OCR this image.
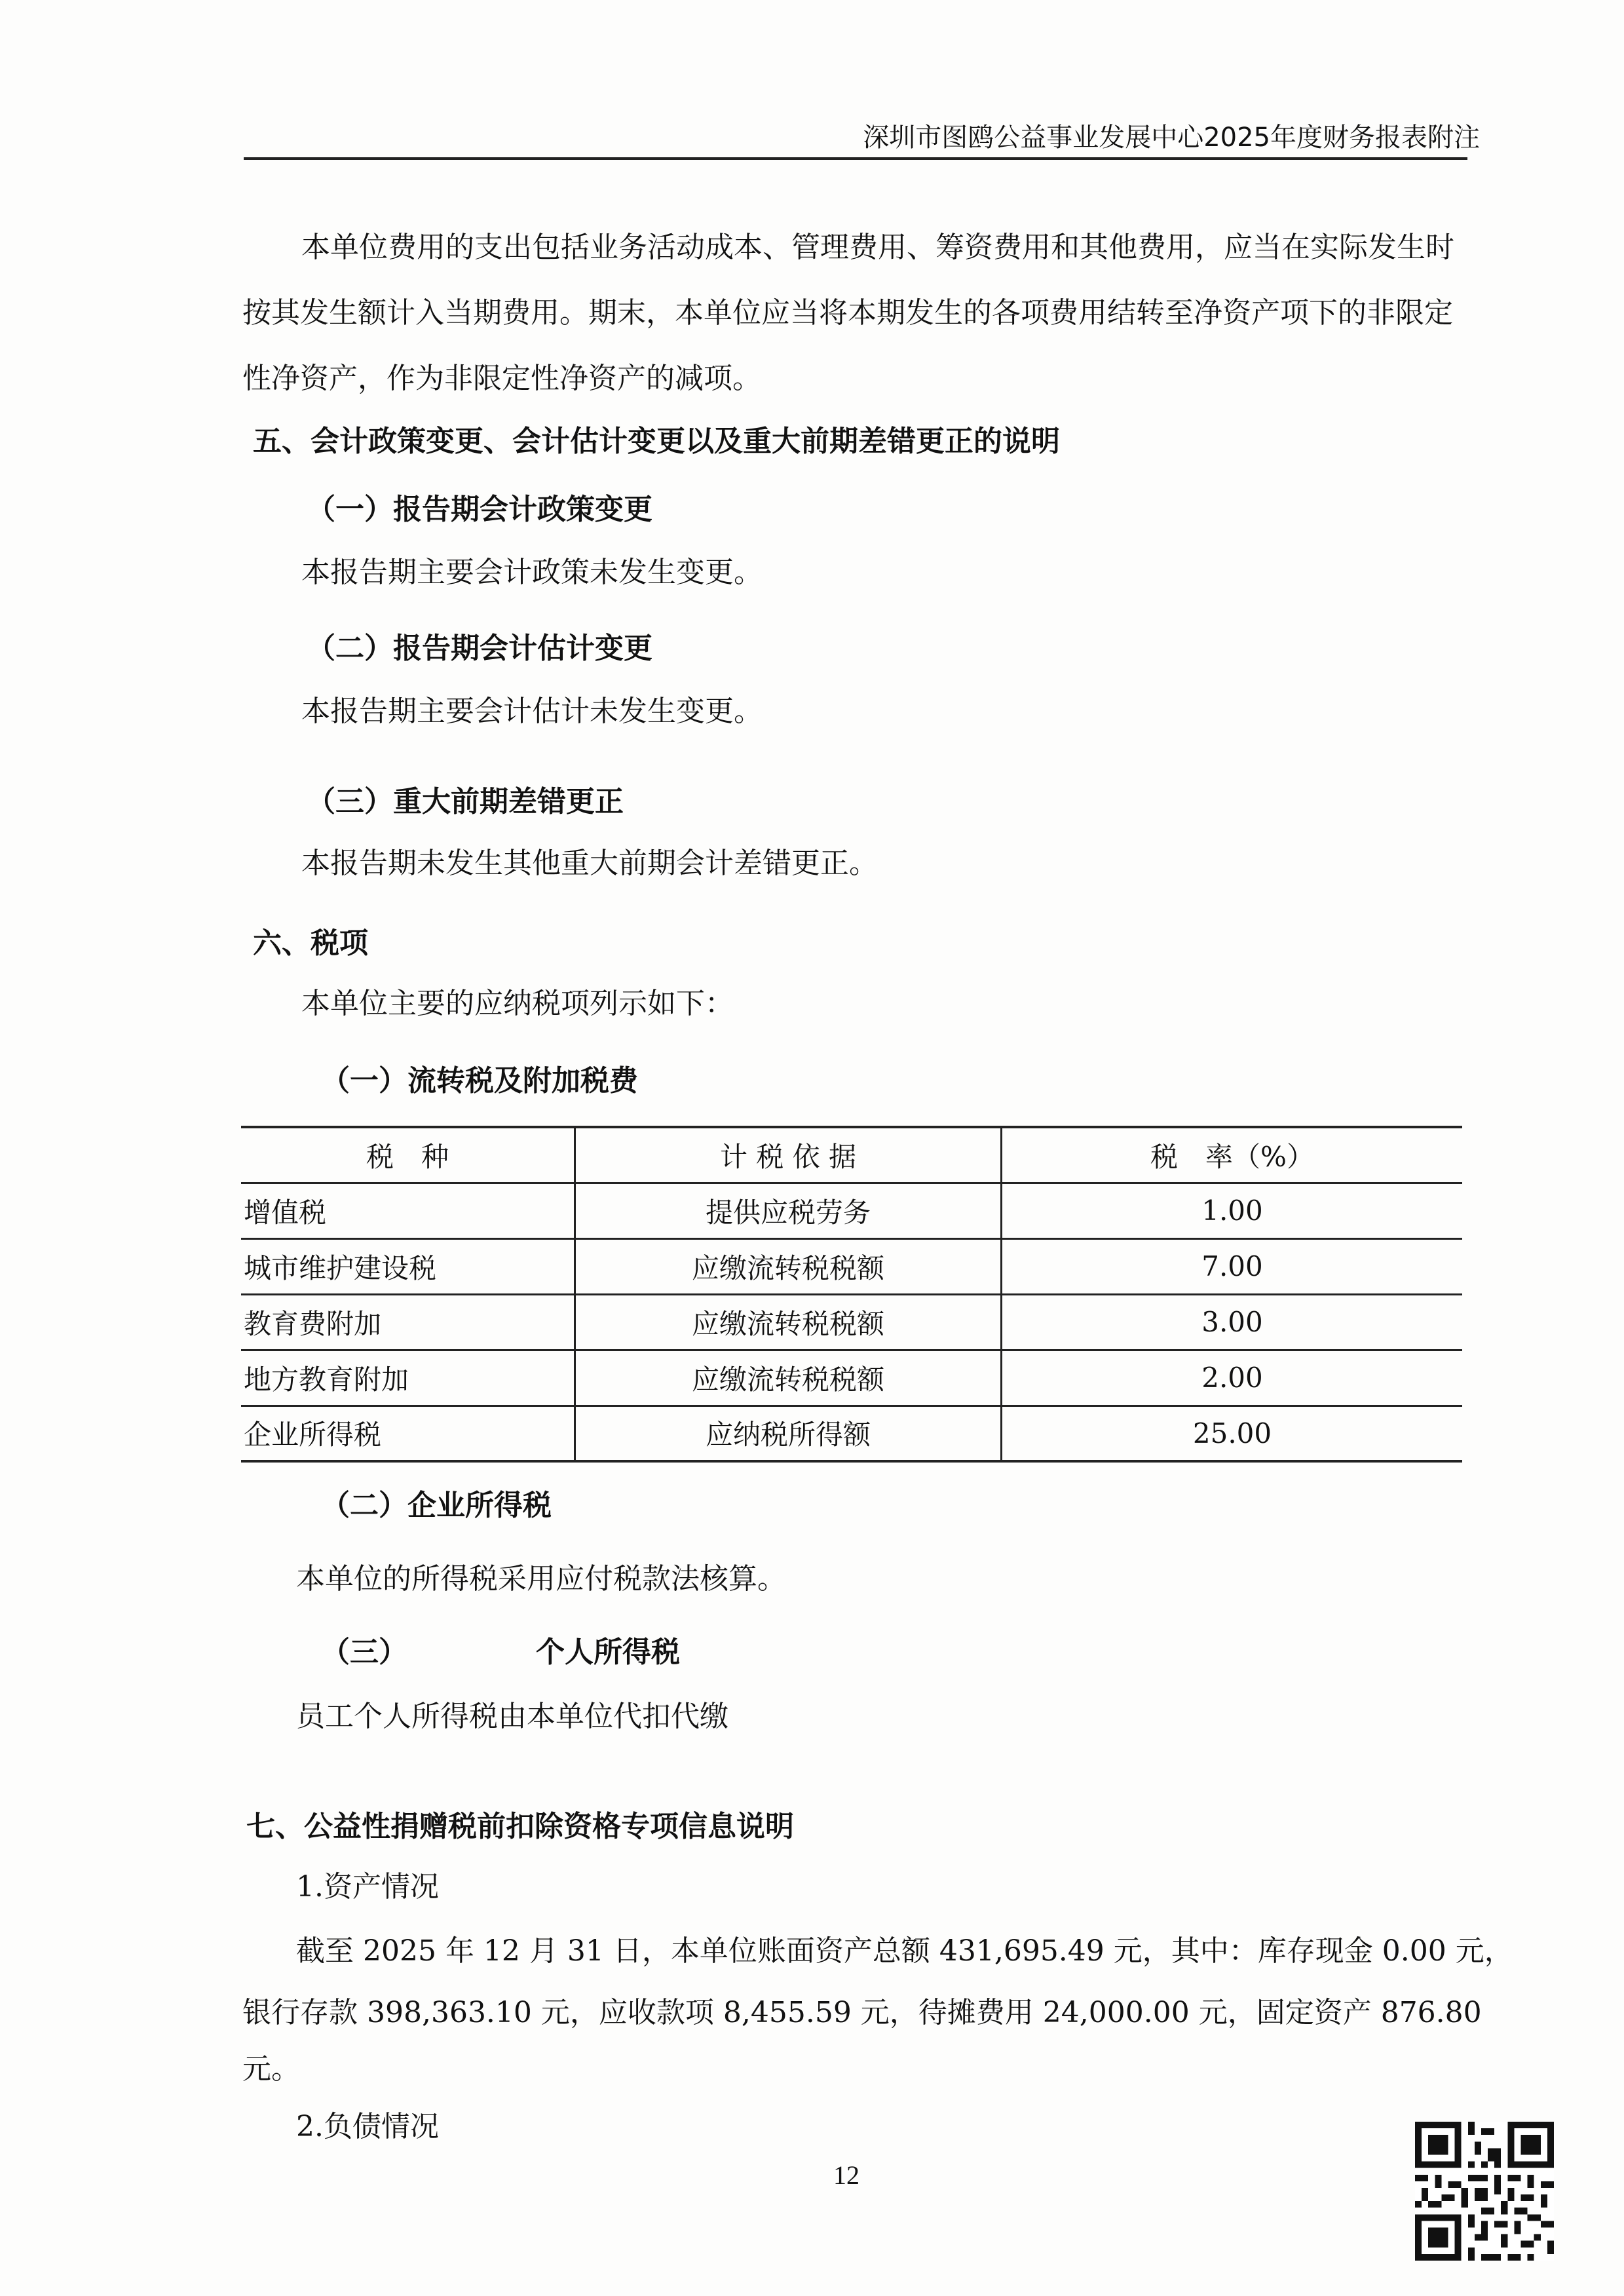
深圳市图鸥公益事业发展中心2025年度财务报表附注
本单位费用的支出包括业务活动成本、管理费用、筹资费用和其他费用，应当在实际发生时
按其发生额计入当期费用。期末，本单位应当将本期发生的各项费用结转至净资产项下的非限定
性净资产，作为非限定性净资产的减项。
五、会计政策变更、会计估计变更以及重大前期差错更正的说明
（一）报告期会计政策变更
本报告期主要会计政策未发生变更。
（二）报告期会计估计变更
本报告期主要会计估计未发生变更。
（三）重大前期差错更正
本报告期未发生其他重大前期会计差错更正。
六、税项
本单位主要的应纳税项列示如下：
（一）流转税及附加税费
税　种	计 税 依 据	税　率（%）
增值税	提供应税劳务	1.00
城市维护建设税	应缴流转税税额	7.00
教育费附加	应缴流转税税额	3.00
地方教育附加	应缴流转税税额	2.00
企业所得税	应纳税所得额	25.00
（二）企业所得税
本单位的所得税采用应付税款法核算。
（三）	个人所得税
员工个人所得税由本单位代扣代缴
七、公益性捐赠税前扣除资格专项信息说明
1.资产情况
截至 2025 年 12 月 31 日，本单位账面资产总额 431,695.49 元，其中：库存现金 0.00 元，
银行存款 398,363.10 元，应收款项 8,455.59 元，待摊费用 24,000.00 元，固定资产 876.80
元。
2.负债情况
12
